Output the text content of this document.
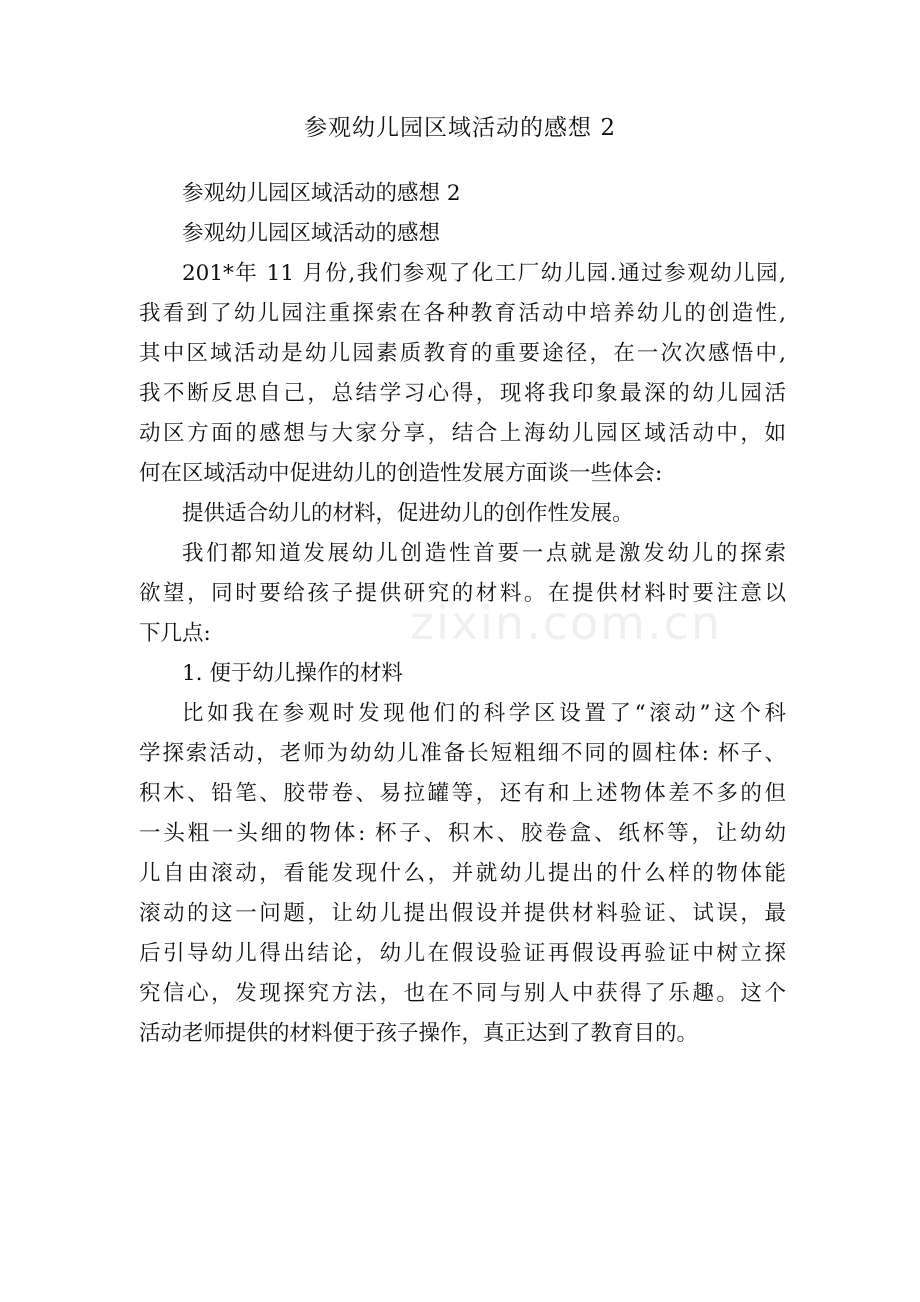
参观幼儿园区域活动的感想 2
参观幼儿园区域活动的感想 2
参观幼儿园区域活动的感想
201*年 11 月份,我们参观了化工厂幼儿园.通过参观幼儿园,
我看到了幼儿园注重探索在各种教育活动中培养幼儿的创造性,
其中区域活动是幼儿园素质教育的重要途径，在一次次感悟中,
我不断反思自己，总结学习心得，现将我印象最深的幼儿园活
动区方面的感想与大家分享，结合上海幼儿园区域活动中，如
何在区域活动中促进幼儿的创造性发展方面谈一些体会:
提供适合幼儿的材料，促进幼儿的创作性发展。
我们都知道发展幼儿创造性首要一点就是激发幼儿的探索
欲望，同时要给孩子提供研究的材料。在提供材料时要注意以
下几点:
1. 便于幼儿操作的材料
比如我在参观时发现他们的科学区设置了“滚动”这个科
学探索活动，老师为幼幼儿准备长短粗细不同的圆柱体: 杯子、
积木、铅笔、胶带卷、易拉罐等，还有和上述物体差不多的但
一头粗一头细的物体: 杯子、积木、胶卷盒、纸杯等，让幼幼
儿自由滚动，看能发现什么，并就幼儿提出的什么样的物体能
滚动的这一问题，让幼儿提出假设并提供材料验证、试误，最
后引导幼儿得出结论，幼儿在假设验证再假设再验证中树立探
究信心，发现探究方法，也在不同与别人中获得了乐趣。这个
活动老师提供的材料便于孩子操作，真正达到了教育目的。
zixin.com.cn
